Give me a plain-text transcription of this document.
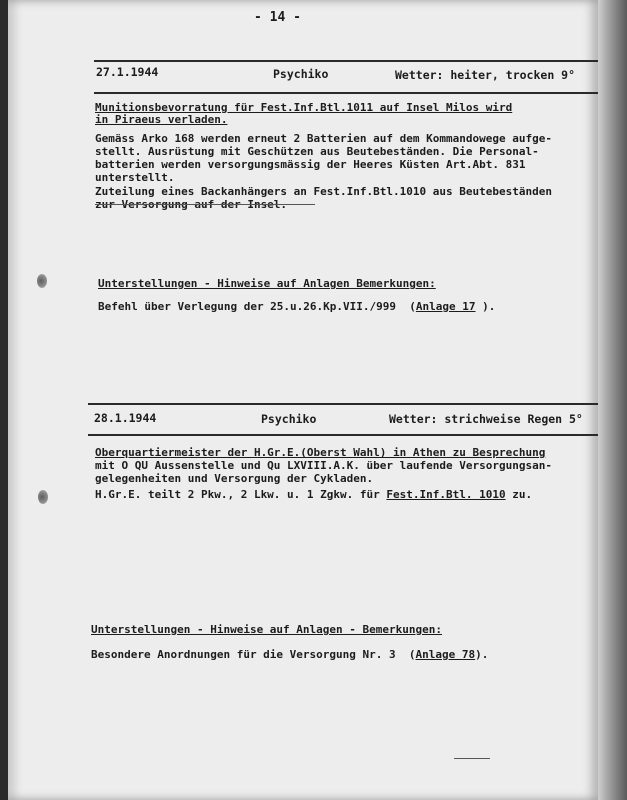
- 14 -
27.1.1944	Psychiko	Wetter: heiter, trocken 9°
Munitionsbevorratung für Fest.Inf.Btl.1011 auf Insel Milos wird
in Piraeus verladen.
Gemäss Arko 168 werden erneut 2 Batterien auf dem Kommandowege aufge-
stellt. Ausrüstung mit Geschützen aus Beutebeständen. Die Personal-
batterien werden versorgungsmässig der Heeres Küsten Art.Abt. 831
unterstellt.
Zuteilung eines Backanhängers an Fest.Inf.Btl.1010 aus Beutebeständen
zur Versorgung auf der Insel.
Unterstellungen - Hinweise auf Anlagen Bemerkungen:
Befehl über Verlegung der 25.u.26.Kp.VII./999  (Anlage 17 ).
28.1.1944	Psychiko	Wetter: strichweise Regen 5°
Oberquartiermeister der H.Gr.E.(Oberst Wahl) in Athen zu Besprechung
mit O QU Aussenstelle und Qu LXVIII.A.K. über laufende Versorgungsan-
gelegenheiten und Versorgung der Cykladen.
H.Gr.E. teilt 2 Pkw., 2 Lkw. u. 1 Zgkw. für Fest.Inf.Btl. 1010 zu.
Unterstellungen - Hinweise auf Anlagen - Bemerkungen:
Besondere Anordnungen für die Versorgung Nr. 3  (Anlage 78).
